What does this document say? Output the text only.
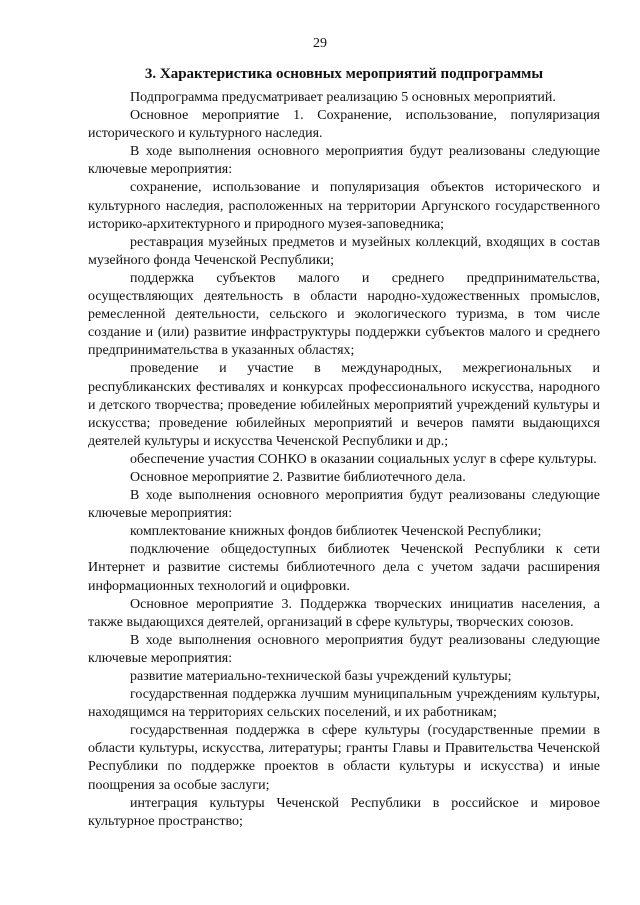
29
3. Характеристика основных мероприятий подпрограммы

Подпрограмма предусматривает реализацию 5 основных мероприятий.

Основное мероприятие 1. Сохранение, использование, популяризация исторического и культурного наследия.

В ходе выполнения основного мероприятия будут реализованы следующие ключевые мероприятия:

сохранение, использование и популяризация объектов исторического и культурного наследия, расположенных на территории Аргунского государственного историко-архитектурного и природного музея-заповедника;

реставрация музейных предметов и музейных коллекций, входящих в состав музейного фонда Чеченской Республики;

поддержка субъектов малого и среднего предпринимательства, осуществляющих деятельность в области народно-художественных промыслов, ремесленной деятельности, сельского и экологического туризма, в том числе создание и (или) развитие инфраструктуры поддержки субъектов малого и среднего предпринимательства в указанных областях;

проведение и участие в международных, межрегиональных и республиканских фестивалях и конкурсах профессионального искусства, народного и детского творчества; проведение юбилейных мероприятий учреждений культуры и искусства; проведение юбилейных мероприятий и вечеров памяти выдающихся деятелей культуры и искусства Чеченской Республики и др.;

обеспечение участия СОНКО в оказании социальных услуг в сфере культуры.

Основное мероприятие 2. Развитие библиотечного дела.

В ходе выполнения основного мероприятия будут реализованы следующие ключевые мероприятия:

комплектование книжных фондов библиотек Чеченской Республики;

подключение общедоступных библиотек Чеченской Республики к сети Интернет и развитие системы библиотечного дела с учетом задачи расширения информационных технологий и оцифровки.

Основное мероприятие 3. Поддержка творческих инициатив населения, а также выдающихся деятелей, организаций в сфере культуры, творческих союзов.

В ходе выполнения основного мероприятия будут реализованы следующие ключевые мероприятия:

развитие материально-технической базы учреждений культуры;

государственная поддержка лучшим муниципальным учреждениям культуры, находящимся на территориях сельских поселений, и их работникам;

государственная поддержка в сфере культуры (государственные премии в области культуры, искусства, литературы; гранты Главы и Правительства Чеченской Республики по поддержке проектов в области культуры и искусства) и иные поощрения за особые заслуги;

интеграция культуры Чеченской Республики в российское и мировое культурное пространство;
